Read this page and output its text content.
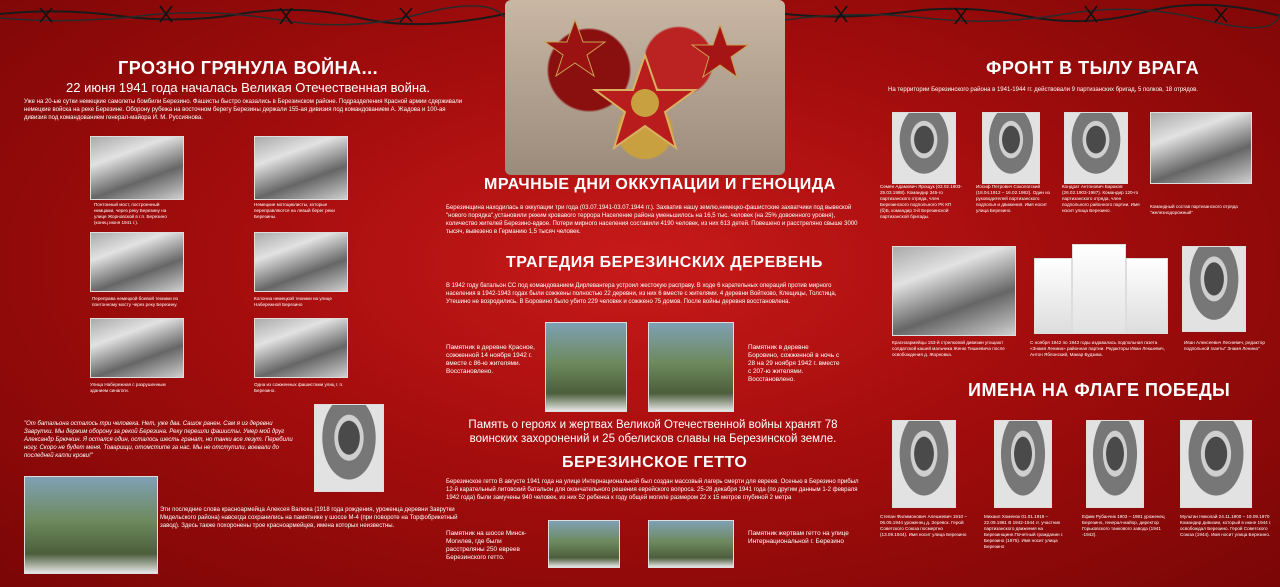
ГРОЗНО ГРЯНУЛА ВОЙНА...
22 июня 1941 года началась Великая Отечественная война.
Уже на 20-ые сутки немецкие самолеты бомбили Березино. Фашисты быстро оказались в Березинском районе. Подразделения Красной армии сдерживали немецкие войска на реке Березине. Оборону рубежа на восточном берегу Березины держали 155-ая дивизия под командованием А. Жадова и 100-ая дивизия под командованием генерал-майора И. М. Руссиянова.
Понтонный мост, построенный немцами, через реку Березину на улице Жорновской в г.п. Березино (конец июня 1941 г.).
Немецкие мотоциклисты, которые переправляются на левый берег реки Березины.
Переправа немецкой боевой техники по понтонному мосту через реку Березину.
Колонна немецкой техники на улице Набережной Березино
Улица Набережная с разрушенным зданием синагоги.
Одна из сожженных фашистами улиц г. п. Березино.
"От батальона осталось три человека. Нет, уже два. Сашок ранен. Сам я из деревни Заврутки. Мы держим оборону за рекой Березина. Реку перешли фашисты. Умер мой друг Александр Брючкин. Я остался один, осталось шесть гранат, но танки все лезут. Перебили ногу. Скоро не будет меня. Товарищи, отомстите за нас. Мы не отступили, воевали до последней капли крови!"
Эти последние слова красноармейца Алексея Валюка (1918 года рождения, уроженца деревни Заврутки Мидельского района) навсегда сохранились на памятнике у шоссе М-4 (при повороте на Торфобрикетный завод). Здесь также похоронены трое красноармейцев, имена которых неизвестны.
МРАЧНЫЕ ДНИ ОККУПАЦИИ И ГЕНОЦИДА
Березинщина находилась в оккупации три года (03.07.1941-03.07.1944 гг.). Захватив нашу землю,немецко-фашистские захватчики под вывеской "нового порядка",установили режим кровавого террора Население района уменьшилось на 16,5 тыс. человек (на 25% довоенного уровня), количество жителей Березино-вдвое. Потери мирного населения составили 4190 человек, из них 613 детей. Повешено и расстреляно свыше 3000 тысяч, вывезено в Германию 1,5 тысяч человек.
ТРАГЕДИЯ БЕРЕЗИНСКИХ ДЕРЕВЕНЬ
В 1942 году батальон СС под командованием Дирлевангера устроил жестокую расправу. В ходе 6 карательных операций против мирного населения в 1942-1943 годах были сожжены полностью 22 деревни, из них 6 вместе с жителями. 4 деревни Войтково, Клещицы, Толстица, Утешино не возродились. В Боровино было убито 229 человек и сожжено 75 домов. После войны деревня восстановлена.
Памятник в деревне Красное, сожженной 14 ноября 1942 г. вместе с 86-ю жителями. Восстановлено.
Памятник в деревне Боровино, сожженной в ночь с 28 на 29 ноября 1942 г. вместе с 207-ю жителями. Восстановлено.
Память о героях и жертвах Великой Отечественной войны хранят 78 воинских захоронений и 25 обелисков славы на Березинской земле.
БЕРЕЗИНСКОЕ ГЕТТО
Березинское гетто В августе 1941 года на улице Интернациональной был создан массовый лагерь смерти для евреев. Осенью в Березино прибыл 12-й карательный литовский батальон для окончательного решения еврейского вопроса. 25-28 декабря 1941 года (по другим данным 1-2 февраля 1942 года) были замучены 940 человек, из них 52 ребенка к году общей могиле размером 22 х 15 метров глубиной 2 метра
Памятник на шоссе Минск-Могилев, где были расстреляны 250 евреев Березинского гетто.
Памятник жертвам гетто на улице Интернациональной г. Березино
ФРОНТ В ТЫЛУ ВРАГА
На территории Березинского района в 1941-1944 гг. действовали 9 партизанских бригад, 5 полков, 18 отрядов.
Семен Адамович Ярощук (03.02.1903-25.03.1988). Командир 345-го партизанского отряда, член Березинского подпольного РК КП (б)Б, командир 3-й Березинской партизанской бригады.
Иосиф Петрович Сокологский (18.04.1912 – 16.02.1982). Один из руководителей партизанского подполья и движения. Имя носит улица Березино.
Кондрат Антонович Бараков (26.02.1903-1987). Командир 120-го партизанского отряда, член подпольного районного партии. Имя носит улица Березино.
Командный состав партизанского отряда "железнодорожный"
Красноармейцы 153-й стрелковой дивизии угощают солдатской кашей мальчика Женю Тишкевича после освобождения д. Жорновка.
С ноября 1942 по 1943 годы издавалась подпольная газета «Знамя Ленина» районная партии. Редакторы Иван Лекшевич, Антон Яблонский, Макар Будзика.
Иван Алексеевич Лесневич, редактор подпольной газеты" Знамя Ленина"
ИМЕНА НА ФЛАГЕ ПОБЕДЫ
Степан Филимонович Алешкевич 1910 – 06.05.1944 уроженец д. Зеревск. Герой Советского Союза посмертно (13.09.1944). Имя носит улица Березино
Михаил Хоменок 01.01.1919 – 22.09.1981 В 1942-1944 гг. участник партизанского движения на Березинщине.Почетный гражданин г. Березино (1975). Имя носит улица Березино
Ефим Рубанчик 1903 – 1981 уроженец Березино, генерал-майор, директор Горьковского танкового завода (1941 -1942).
Мультан Николай 24.11.1900 – 19.09.1970 Командир дивизии, который в июне 1944 г. освобождал Березино. Герой Советского Союза (1944). Имя носит улица Березино.
